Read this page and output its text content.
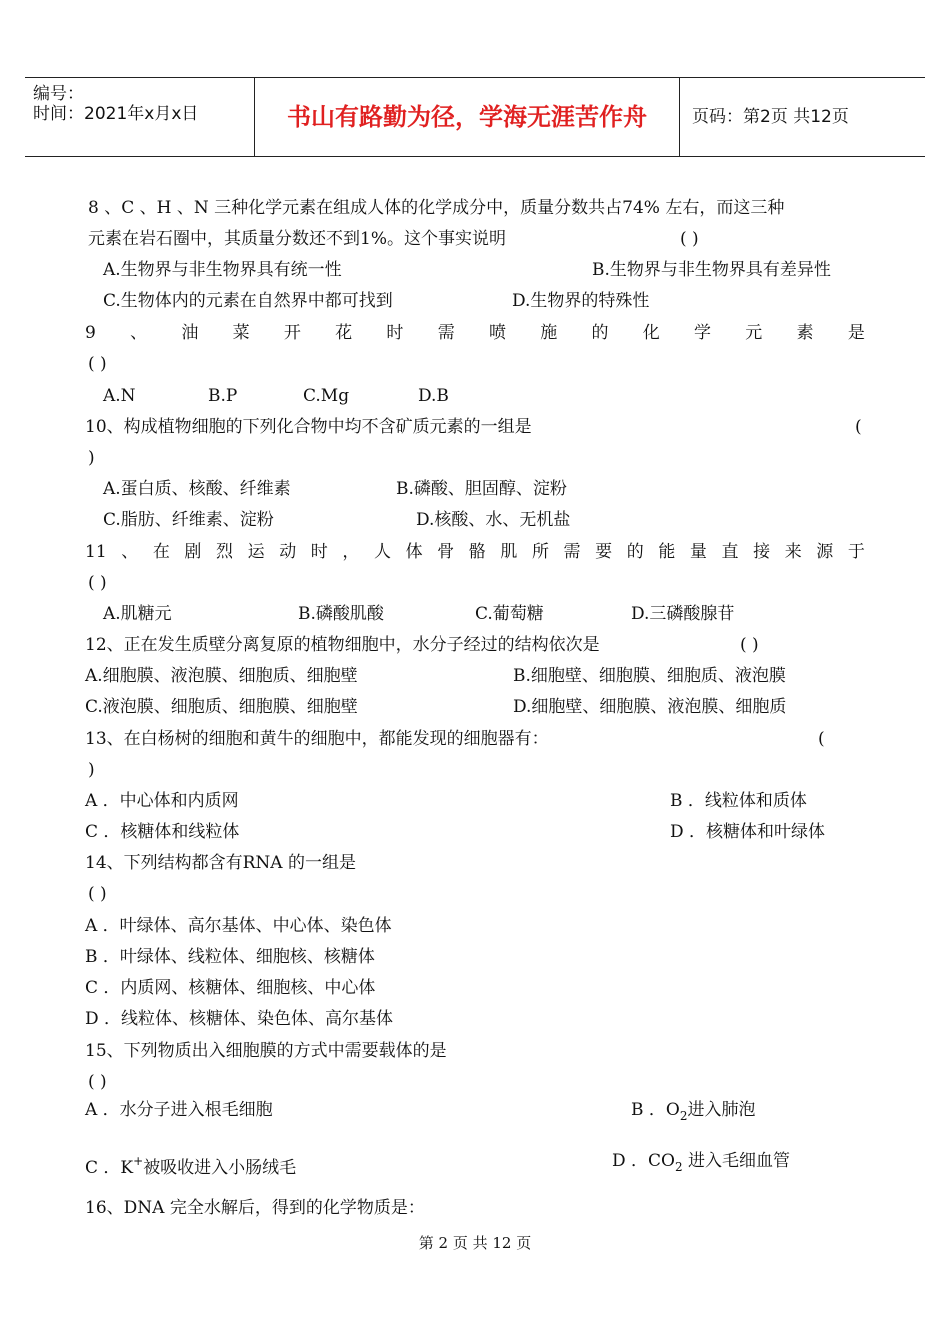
编号：
时间：2021年x月x日	书山有路勤为径，学海无涯苦作舟	页码：第2页 共12页
8 、C 、H 、N 三种化学元素在组成人体的化学成分中，质量分数共占74% 左右，而这三种
元素在岩石圈中，其质量分数还不到1%。这个事实说明	( )
A.生物界与非生物界具有统一性	B.生物界与非生物界具有差异性
C.生物体内的元素在自然界中都可找到	D.生物界的特殊性
9 、 油 菜 开 花 时 需 喷 施 的 化 学 元 素 是
( )
A.N	B.P	C.Mg	D.B
10、构成植物细胞的下列化合物中均不含矿质元素的一组是	(
)
A.蛋白质、核酸、纤维素	B.磷酸、胆固醇、淀粉
C.脂肪、纤维素、淀粉	D.核酸、水、无机盐
11 、 在 剧 烈 运 动 时 ， 人 体 骨 骼 肌 所 需 要 的 能 量 直 接 来 源 于
( )
A.肌糖元	B.磷酸肌酸	C.葡萄糖	D.三磷酸腺苷
12、正在发生质壁分离复原的植物细胞中，水分子经过的结构依次是	( )
A.细胞膜、液泡膜、细胞质、细胞壁	B.细胞壁、细胞膜、细胞质、液泡膜
C.液泡膜、细胞质、细胞膜、细胞壁	D.细胞壁、细胞膜、液泡膜、细胞质
13、在白杨树的细胞和黄牛的细胞中，都能发现的细胞器有：	(
)
A ．中心体和内质网	B ．线粒体和质体
C ．核糖体和线粒体	D ．核糖体和叶绿体
14、下列结构都含有RNA 的一组是
( )
A ．叶绿体、高尔基体、中心体、染色体
B ．叶绿体、线粒体、细胞核、核糖体
C ．内质网、核糖体、细胞核、中心体
D ．线粒体、核糖体、染色体、高尔基体
15、下列物质出入细胞膜的方式中需要载体的是
( )
A ．水分子进入根毛细胞	B ．$O_2$进入肺泡
C ．K+被吸收进入小肠绒毛	D ．$CO_2$ 进入毛细血管
16、DNA 完全水解后，得到的化学物质是：
第 2 页 共 12 页
